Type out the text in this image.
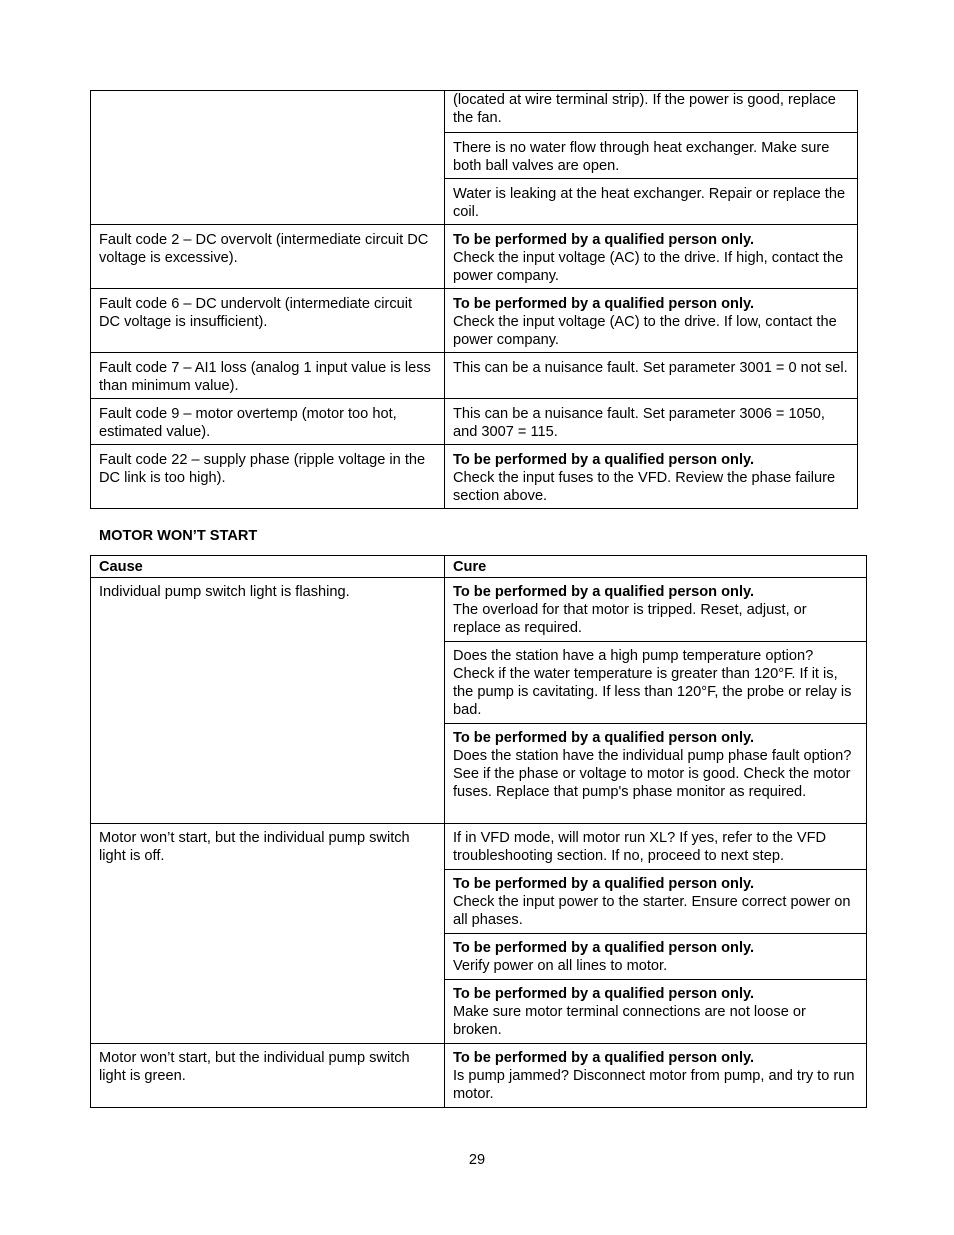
	(located at wire terminal strip). If the power is good, replace the fan.

	There is no water flow through heat exchanger. Make sure both ball valves are open.

	Water is leaking at the heat exchanger. Repair or replace the coil.

Fault code 2 – DC overvolt (intermediate circuit DC voltage is excessive).	To be performed by a qualified person only.
Check the input voltage (AC) to the drive. If high, contact the power company.

Fault code 6 – DC undervolt (intermediate circuit DC voltage is insufficient).	To be performed by a qualified person only.
Check the input voltage (AC) to the drive. If low, contact the power company.

Fault code 7 – AI1 loss (analog 1 input value is less than minimum value).	This can be a nuisance fault. Set parameter 3001 = 0 not sel.

Fault code 9 – motor overtemp (motor too hot, estimated value).	This can be a nuisance fault. Set parameter 3006 = 1050, and 3007 = 115.

Fault code 22 – supply phase (ripple voltage in the DC link is too high).	To be performed by a qualified person only.
Check the input fuses to the VFD. Review the phase failure section above.
MOTOR WON’T START
Cause	Cure

Individual pump switch light is flashing.	To be performed by a qualified person only.
The overload for that motor is tripped. Reset, adjust, or replace as required.

	Does the station have a high pump temperature option? Check if the water temperature is greater than 120°F. If it is, the pump is cavitating. If less than 120°F, the probe or relay is bad.

	To be performed by a qualified person only.
Does the station have the individual pump phase fault option? See if the phase or voltage to motor is good. Check the motor fuses. Replace that pump's phase monitor as required.

Motor won’t start, but the individual pump switch light is off.	If in VFD mode, will motor run XL? If yes, refer to the VFD troubleshooting section. If no, proceed to next step.

	To be performed by a qualified person only.
Check the input power to the starter. Ensure correct power on all phases.

	To be performed by a qualified person only.
Verify power on all lines to motor.

	To be performed by a qualified person only.
Make sure motor terminal connections are not loose or broken.

Motor won’t start, but the individual pump switch light is green.	To be performed by a qualified person only.
Is pump jammed? Disconnect motor from pump, and try to run motor.
29
